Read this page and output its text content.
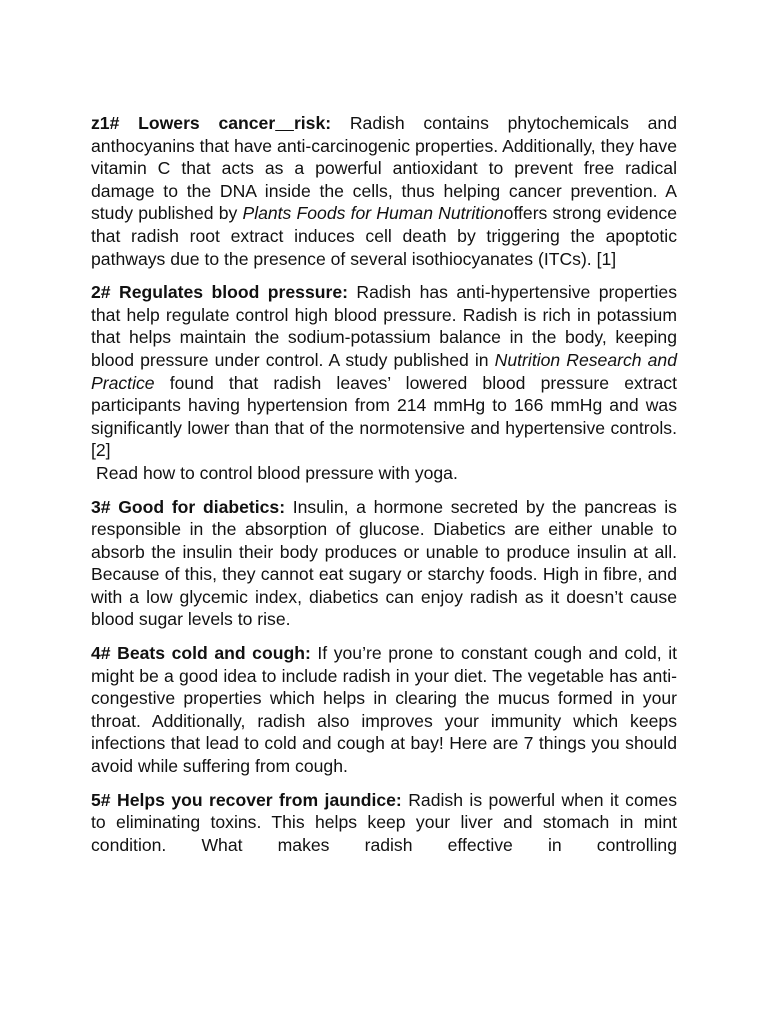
z1# Lowers cancer risk: Radish contains phytochemicals and anthocyanins that have anti-carcinogenic properties. Additionally, they have vitamin C that acts as a powerful antioxidant to prevent free radical damage to the DNA inside the cells, thus helping cancer prevention. A study published by Plants Foods for Human Nutritionoffers strong evidence that radish root extract induces cell death by triggering the apoptotic pathways due to the presence of several isothiocyanates (ITCs). [1]

2# Regulates blood pressure: Radish has anti-hypertensive properties that help regulate control high blood pressure. Radish is rich in potassium that helps maintain the sodium-potassium balance in the body, keeping blood pressure under control. A study published in Nutrition Research and Practice found that radish leaves’ lowered blood pressure extract participants having hypertension from 214 mmHg to 166 mmHg and was significantly lower than that of the normotensive and hypertensive controls. [2]
Read how to control blood pressure with yoga.

3# Good for diabetics: Insulin, a hormone secreted by the pancreas is responsible in the absorption of glucose. Diabetics are either unable to absorb the insulin their body produces or unable to produce insulin at all. Because of this, they cannot eat sugary or starchy foods. High in fibre, and with a low glycemic index, diabetics can enjoy radish as it doesn’t cause blood sugar levels to rise.

4# Beats cold and cough: If you’re prone to constant cough and cold, it might be a good idea to include radish in your diet. The vegetable has anti-congestive properties which helps in clearing the mucus formed in your throat. Additionally, radish also improves your immunity which keeps infections that lead to cold and cough at bay! Here are 7 things you should avoid while suffering from cough.

5# Helps you recover from jaundice: Radish is powerful when it comes to eliminating toxins. This helps keep your liver and stomach in mint condition. What makes radish effective in controlling
